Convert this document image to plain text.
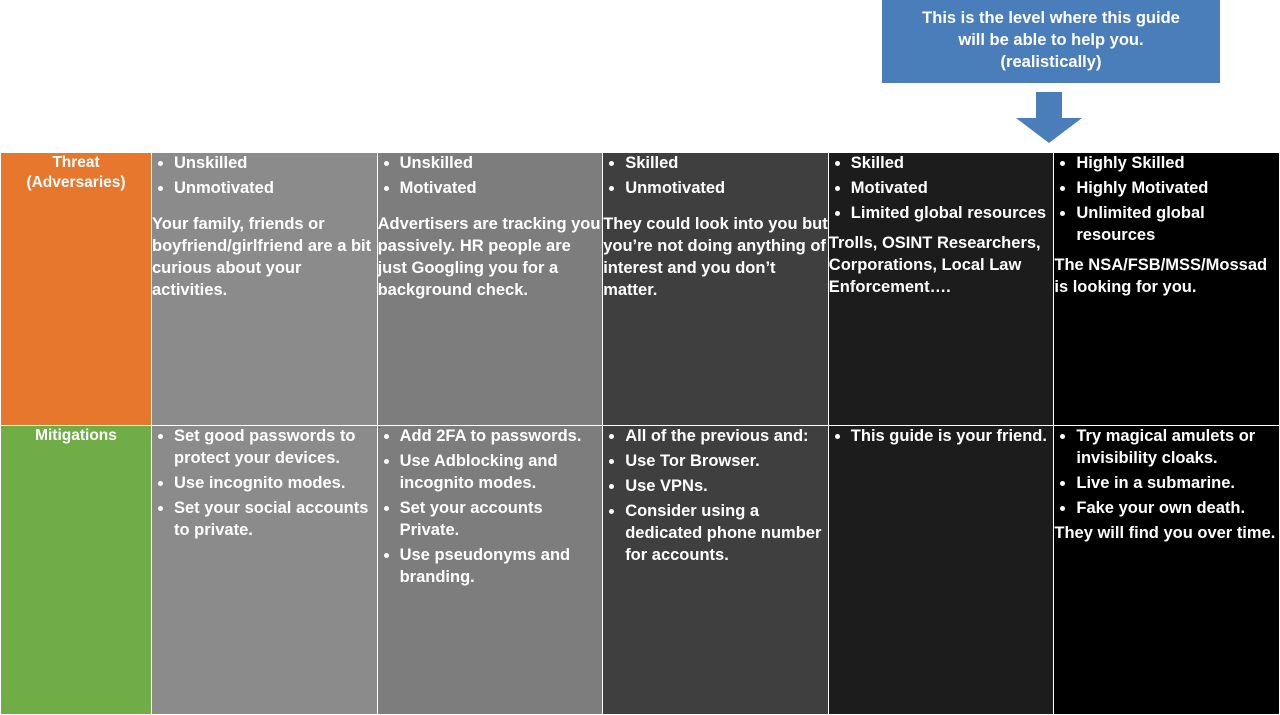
This is the level where this guide
will be able to help you.
(realistically)
Threat
(Adversaries)

• Unskilled
• Unmotivated
Your family, friends or boyfriend/girlfriend are a bit curious about your activities.

• Unskilled
• Motivated
Advertisers are tracking you passively. HR people are just Googling you for a background check.

• Skilled
• Unmotivated
They could look into you but you’re not doing anything of interest and you don’t matter.

• Skilled
• Motivated
• Limited global resources
Trolls, OSINT Researchers, Corporations, Local Law Enforcement….

• Highly Skilled
• Highly Motivated
• Unlimited global resources
The NSA/FSB/MSS/Mossad is looking for you.

Mitigations

•Set good passwords to protect your devices.
• Use incognito modes.
• Set your social accounts to private.

• Add 2FA to passwords.
• Use Adblocking and incognito modes.
• Set your accounts Private.
• Use pseudonyms and branding.

• All of the previous and:
• Use Tor Browser.
• Use VPNs.
• Consider using a dedicated phone number for accounts.

• This guide is your friend.

•Try magical amulets or invisibility cloaks.
• Live in a submarine.
• Fake your own death.
They will find you over time.
